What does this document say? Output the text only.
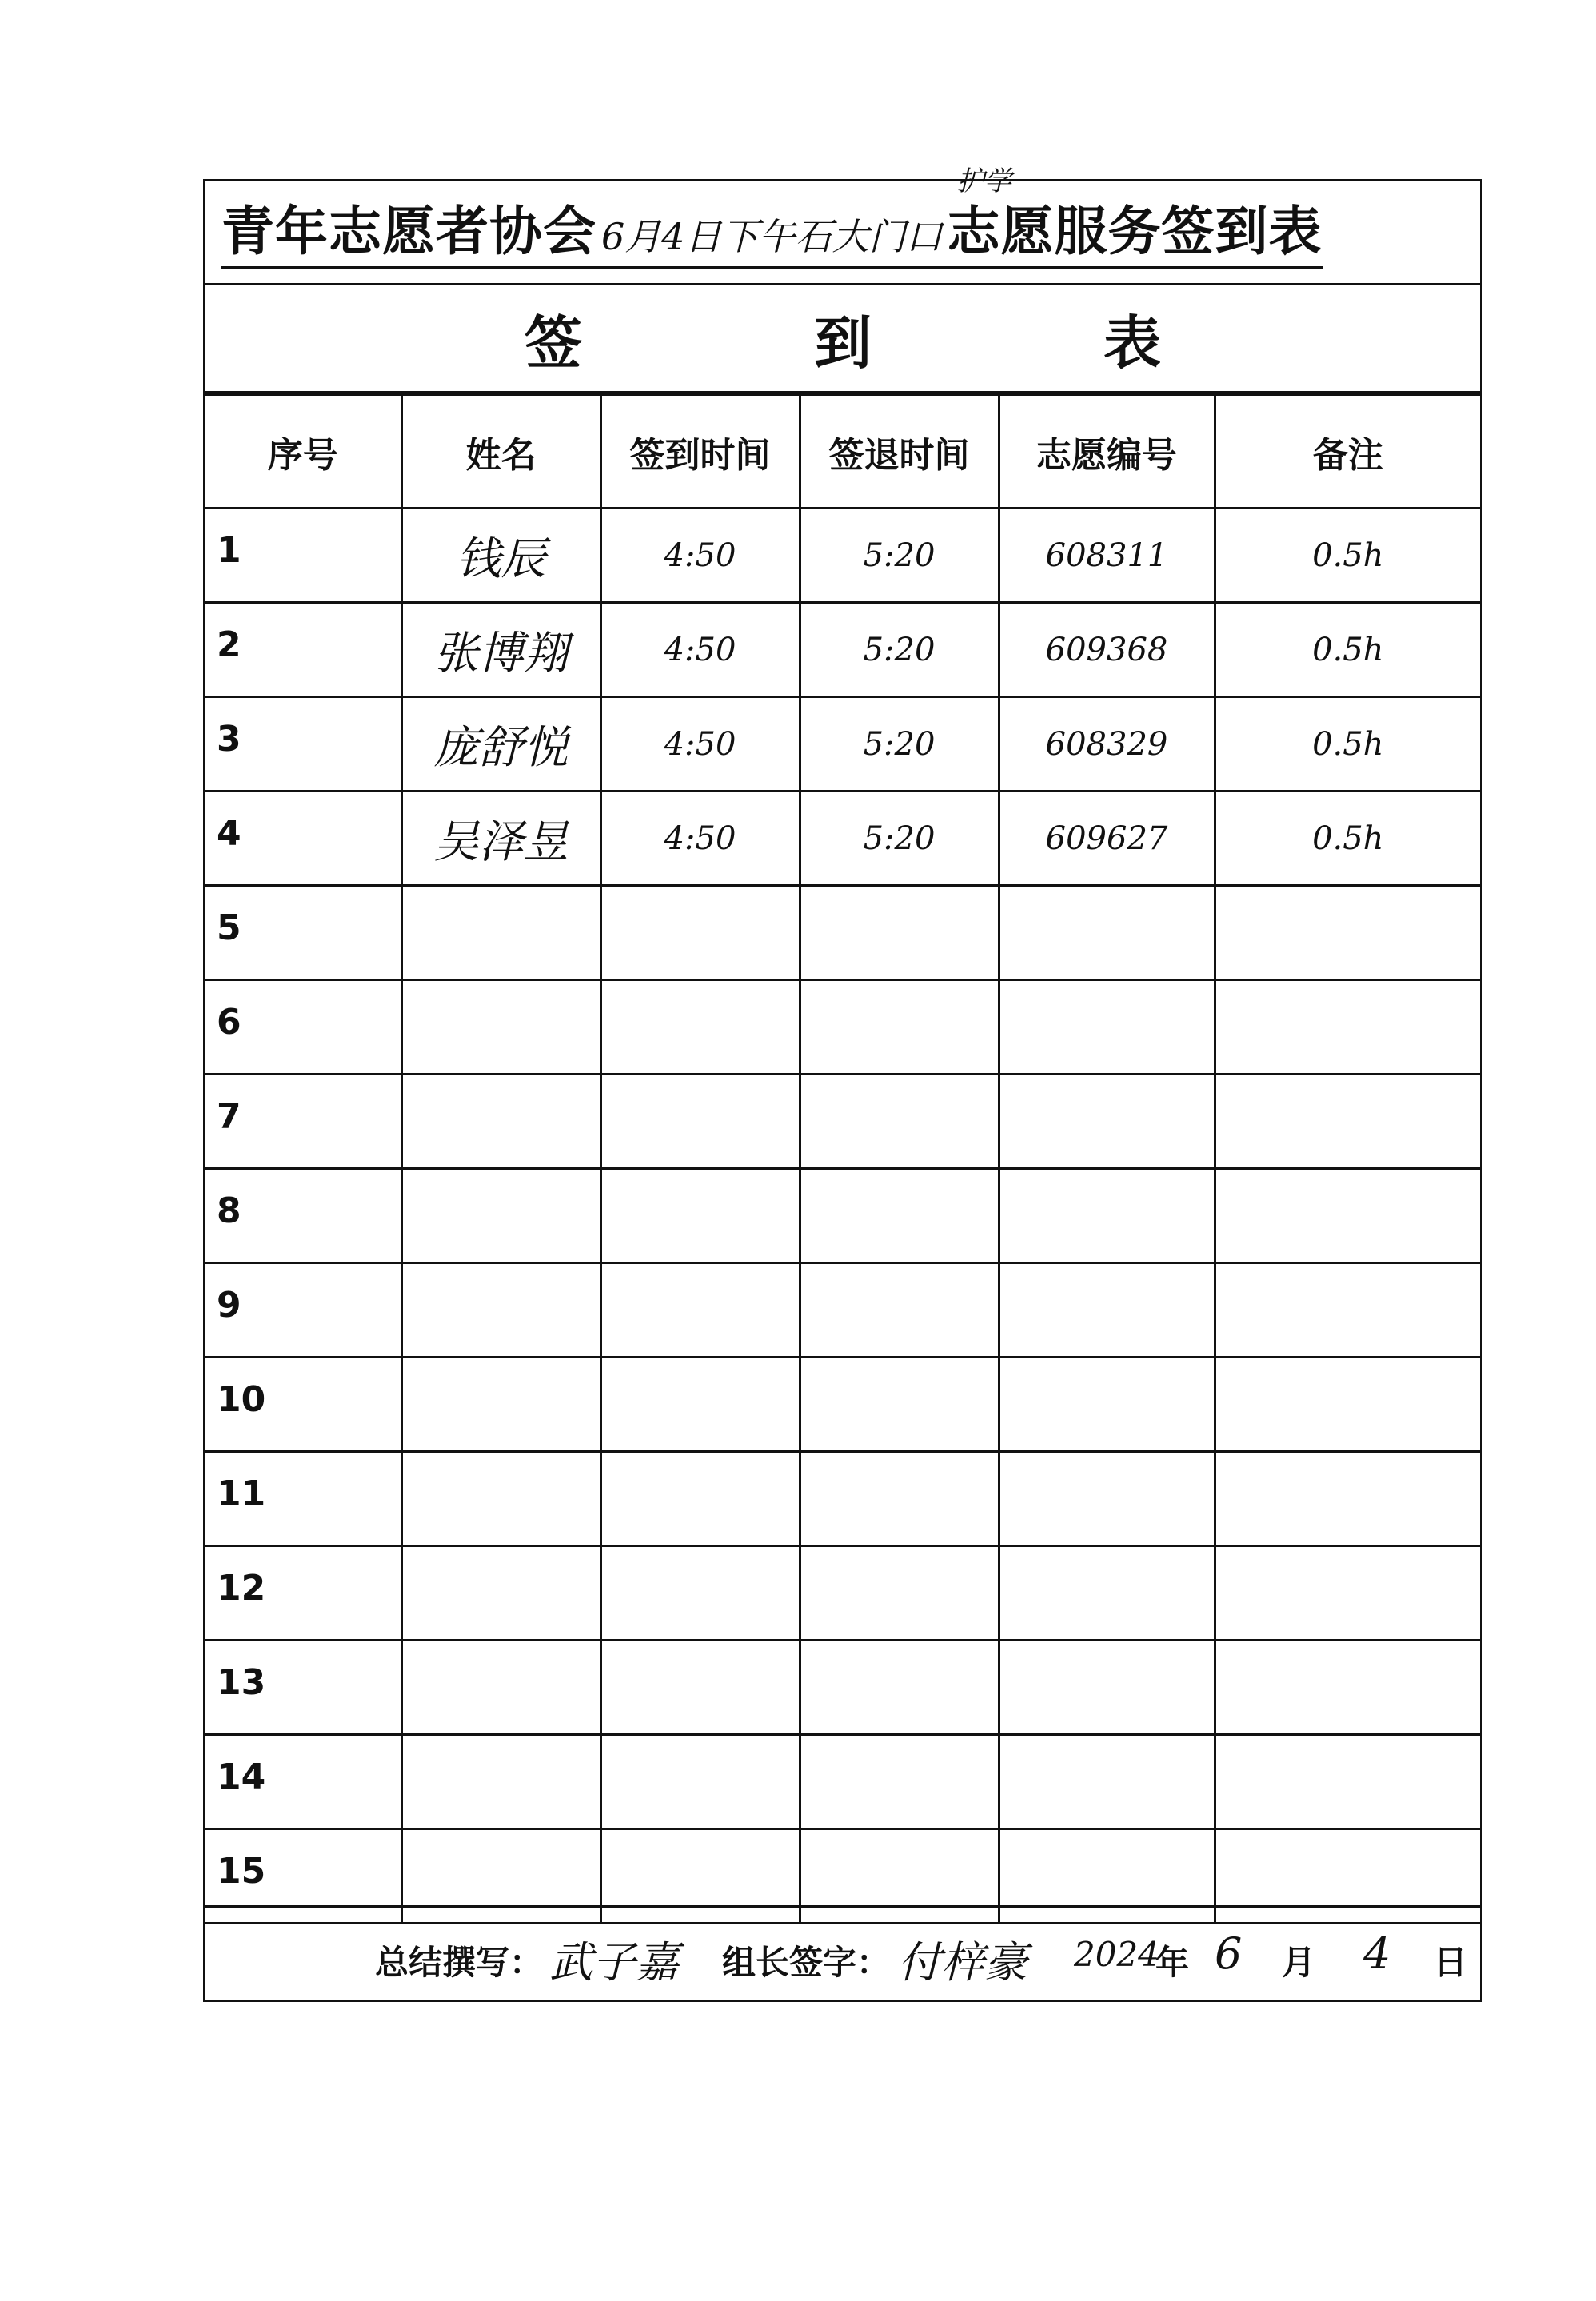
青年志愿者协会 6月4日下午石大门口志愿服务签到表
护学
签	到	表
序号	姓名	签到时间	签退时间	志愿编号	备注
1	钱辰	4:50	5:20	608311	0.5h
2	张博翔	4:50	5:20	609368	0.5h
3	庞舒悦	4:50	5:20	608329	0.5h
4	吴泽昱	4:50	5:20	609627	0.5h
5					
6					
7					
8					
9					
10					
11					
12					
13					
14					
15					
总结撰写： 武子嘉 组长签字： 付梓豪 2024
年 6 月 4 日
